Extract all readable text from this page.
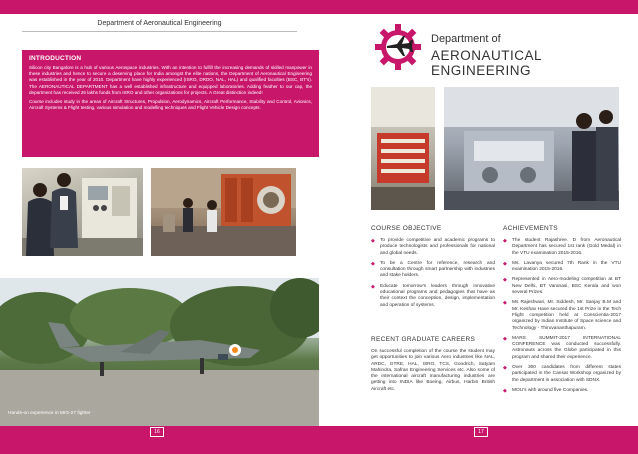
Department of Aeronautical Engineering
INTRODUCTION

Silicon city Bangalore is a hub of various Aerospace industries. With an intention to fulfill the increasing demands of skilled manpower in these industries and hence to secure a deserving place for India amongst the elite nations, the Department of Aeronautical Engineering was established in the year of 2010. Department have highly experienced (ISRO, DRDO, NAL, HAL) and qualified faculties (BSC, BT's). The AERONAUTICAL DEPARTMENT has a well established infrastructure and equipped laboratories. Adding feather to our cap, the department has received 26 lakhs funds from ISRO and other organizations for projects. A Great distinction indeed!

Course includes study in the areas of Aircraft Structures, Propulsion, Aerodynamics, Aircraft Performance, Stability and Control, Avionics, Aircraft Systems & Flight testing, various simulation and modelling techniques and Flight Vehicle Design concepts.

Hands-on experience in MIG-27 fighter
16
Department of
AERONAUTICAL ENGINEERING
COURSE OBJECTIVE
◆ To provide competitive and academic programs to produce technologists and professionals for national and global needs.
◆ To be a Centre for reference, research and consultation through smart partnership with industries and stake holders.
◆ Educate tomorrow's leaders through innovative educational programs and pedagogies that have as their context the conception, design, implementation and operation of systems.
RECENT GRADUATE CAREERS

On successful completion of the course the student may get opportunities to join various Aero industries like NAL, ARDC, GTRE, HAL, ISRO, TCS, Goodrich, Satyam Mahindra, Safran Engineering Services etc. Also some of the international aircraft manufacturing industries are getting into INDIA like Boeing, Airbus, Harbin British Aircraft etc.

ACHIEVEMENTS
◆ The student Rajashree. D from Aeronautical Department has secured 1st rank (Gold Medal) in the VTU examination 2015-2016.
◆ Ms. Lavanya secured 7th Rank in the VTU examination 2015-2016.
◆ Represented in Aero-modeling competition at BT New Delhi, BT Varanasi, BSC Kerala and won several Prizes.
◆ Ms Rajeshwari, Mr. Siddesh, Mr. Sanjay B.M and Mr. Keshav Have secured the 1st Prize in the Tech Flight competition held at Conscientia-2017 organized by Indian Institute of Space science and Technology - Thiruvananthapuram.
◆ MARS SUMMIT-2017 INTERNATIONAL CONFERENCE was conducted successfully. Astronauts across the Globe participated in this program and shared their experience.
◆ Over 300 candidates from different states participated in the Cansat Workshop organized by the department in association with SDNX.
◆ MOU's with around five Companies.
17
